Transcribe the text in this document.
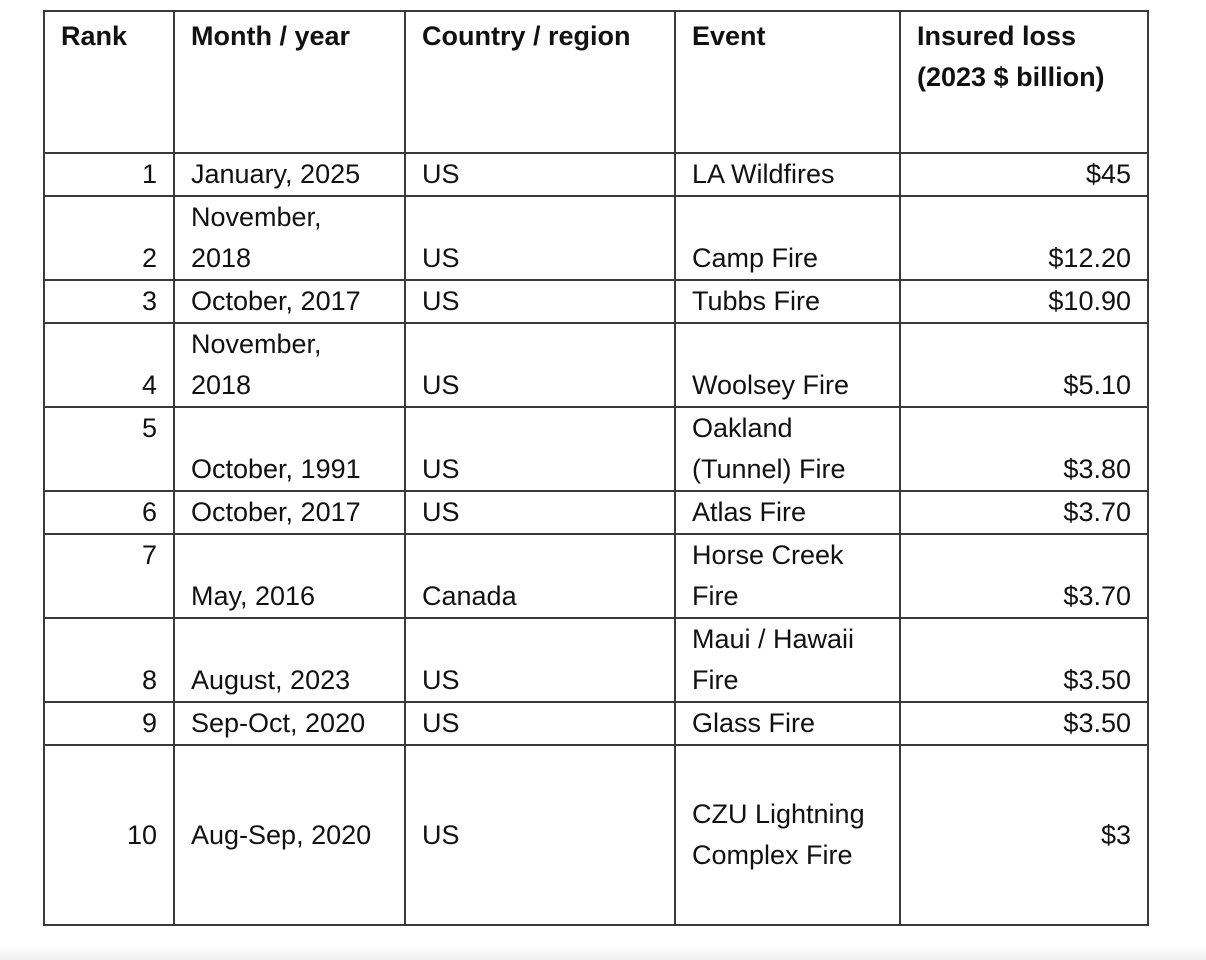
Rank	Month / year	Country / region	Event	Insured loss (2023 $ billion)
1	January, 2025	US	LA Wildfires	$45
2	November, 2018	US	Camp Fire	$12.20
3	October, 2017	US	Tubbs Fire	$10.90
4	November, 2018	US	Woolsey Fire	$5.10
5	October, 1991	US	Oakland (Tunnel) Fire	$3.80
6	October, 2017	US	Atlas Fire	$3.70
7	May, 2016	Canada	Horse Creek Fire	$3.70
8	August, 2023	US	Maui / Hawaii Fire	$3.50
9	Sep-Oct, 2020	US	Glass Fire	$3.50
10	Aug-Sep, 2020	US	CZU Lightning Complex Fire	$3
